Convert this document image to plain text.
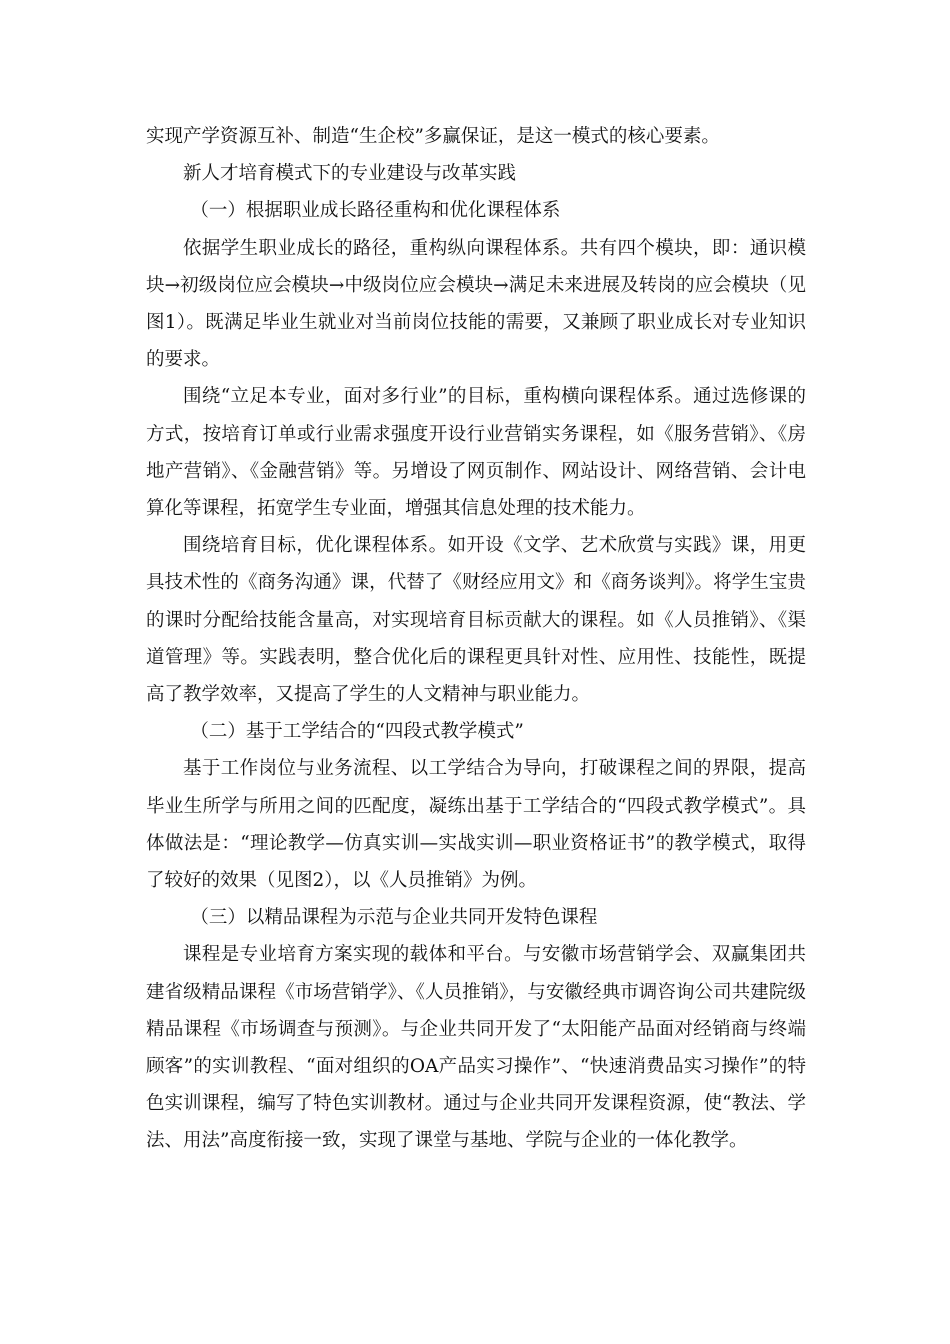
实现产学资源互补、制造“生企校”多赢保证，是这一模式的核心要素。

新人才培育模式下的专业建设与改革实践

（一）根据职业成长路径重构和优化课程体系

依据学生职业成长的路径，重构纵向课程体系。共有四个模块，即：通识模块→初级岗位应会模块→中级岗位应会模块→满足未来进展及转岗的应会模块（见图1）。既满足毕业生就业对当前岗位技能的需要，又兼顾了职业成长对专业知识的要求。

围绕“立足本专业，面对多行业”的目标，重构横向课程体系。通过选修课的方式，按培育订单或行业需求强度开设行业营销实务课程，如《服务营销》、《房地产营销》、《金融营销》等。另增设了网页制作、网站设计、网络营销、会计电算化等课程，拓宽学生专业面，增强其信息处理的技术能力。

围绕培育目标，优化课程体系。如开设《文学、艺术欣赏与实践》课，用更具技术性的《商务沟通》课，代替了《财经应用文》和《商务谈判》。将学生宝贵的课时分配给技能含量高，对实现培育目标贡献大的课程。如《人员推销》、《渠道管理》等。实践表明，整合优化后的课程更具针对性、应用性、技能性，既提高了教学效率，又提高了学生的人文精神与职业能力。

（二）基于工学结合的“四段式教学模式”

基于工作岗位与业务流程、以工学结合为导向，打破课程之间的界限，提高毕业生所学与所用之间的匹配度，凝练出基于工学结合的“四段式教学模式”。具体做法是：“理论教学—仿真实训—实战实训—职业资格证书”的教学模式，取得了较好的效果（见图2），以《人员推销》为例。

（三）以精品课程为示范与企业共同开发特色课程

课程是专业培育方案实现的载体和平台。与安徽市场营销学会、双赢集团共建省级精品课程《市场营销学》、《人员推销》，与安徽经典市调咨询公司共建院级精品课程《市场调查与预测》。与企业共同开发了“太阳能产品面对经销商与终端顾客”的实训教程、“面对组织的OA产品实习操作”、“快速消费品实习操作”的特色实训课程，编写了特色实训教材。通过与企业共同开发课程资源，使“教法、学法、用法”高度衔接一致，实现了课堂与基地、学院与企业的一体化教学。
